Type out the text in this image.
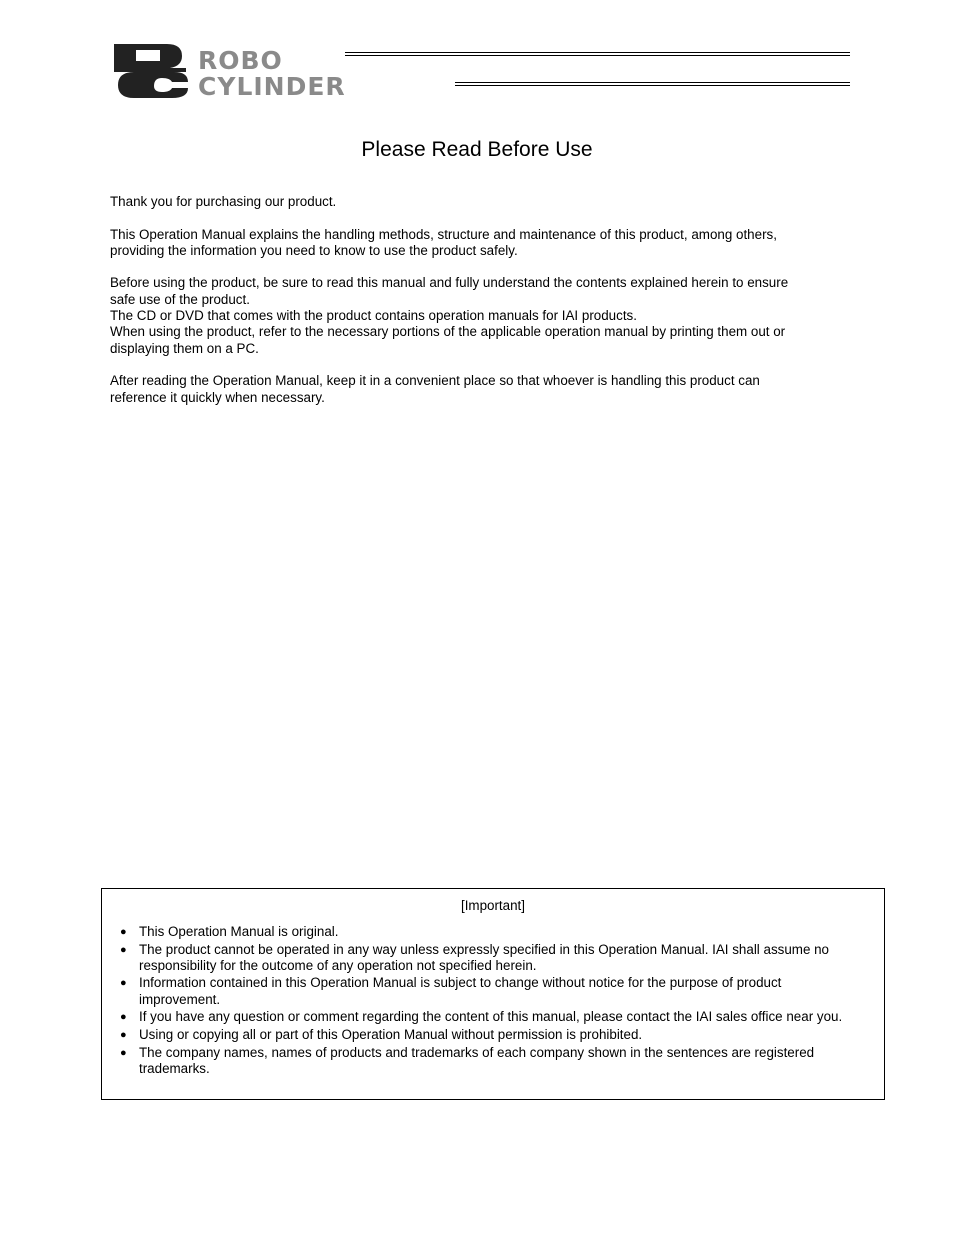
ROBO
CYLINDER
Please Read Before Use

Thank you for purchasing our product.

This Operation Manual explains the handling methods, structure and maintenance of this product, among others,
providing the information you need to know to use the product safely.

Before using the product, be sure to read this manual and fully understand the contents explained herein to ensure
safe use of the product.
The CD or DVD that comes with the product contains operation manuals for IAI products.
When using the product, refer to the necessary portions of the applicable operation manual by printing them out or
displaying them on a PC.

After reading the Operation Manual, keep it in a convenient place so that whoever is handling this product can
reference it quickly when necessary.

[Important]
● This Operation Manual is original.
● The product cannot be operated in any way unless expressly specified in this Operation Manual. IAI shall assume no responsibility for the outcome of any operation not specified herein.
● Information contained in this Operation Manual is subject to change without notice for the purpose of product improvement.
● If you have any question or comment regarding the content of this manual, please contact the IAI sales office near you.
● Using or copying all or part of this Operation Manual without permission is prohibited.
● The company names, names of products and trademarks of each company shown in the sentences are registered trademarks.
